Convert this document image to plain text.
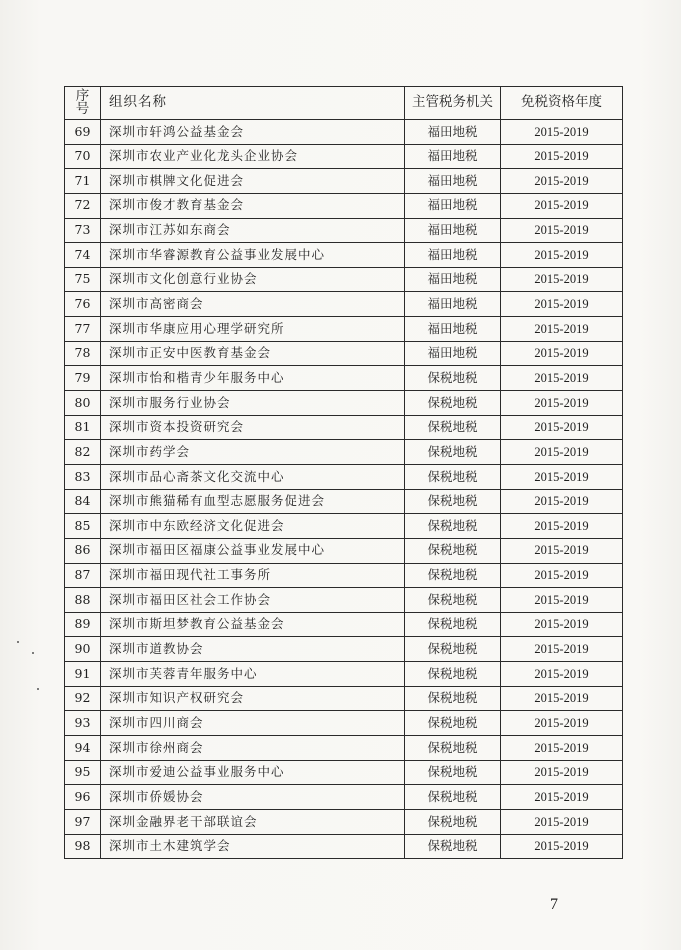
序
号	组织名称	主管税务机关	免税资格年度
69	深圳市轩鸿公益基金会	福田地税	2015-2019
70	深圳市农业产业化龙头企业协会	福田地税	2015-2019
71	深圳市棋牌文化促进会	福田地税	2015-2019
72	深圳市俊才教育基金会	福田地税	2015-2019
73	深圳市江苏如东商会	福田地税	2015-2019
74	深圳市华睿源教育公益事业发展中心	福田地税	2015-2019
75	深圳市文化创意行业协会	福田地税	2015-2019
76	深圳市高密商会	福田地税	2015-2019
77	深圳市华康应用心理学研究所	福田地税	2015-2019
78	深圳市正安中医教育基金会	福田地税	2015-2019
79	深圳市怡和楷青少年服务中心	保税地税	2015-2019
80	深圳市服务行业协会	保税地税	2015-2019
81	深圳市资本投资研究会	保税地税	2015-2019
82	深圳市药学会	保税地税	2015-2019
83	深圳市品心斋茶文化交流中心	保税地税	2015-2019
84	深圳市熊猫稀有血型志愿服务促进会	保税地税	2015-2019
85	深圳市中东欧经济文化促进会	保税地税	2015-2019
86	深圳市福田区福康公益事业发展中心	保税地税	2015-2019
87	深圳市福田现代社工事务所	保税地税	2015-2019
88	深圳市福田区社会工作协会	保税地税	2015-2019
89	深圳市斯坦梦教育公益基金会	保税地税	2015-2019
90	深圳市道教协会	保税地税	2015-2019
91	深圳市芙蓉青年服务中心	保税地税	2015-2019
92	深圳市知识产权研究会	保税地税	2015-2019
93	深圳市四川商会	保税地税	2015-2019
94	深圳市徐州商会	保税地税	2015-2019
95	深圳市爱迪公益事业服务中心	保税地税	2015-2019
96	深圳市侨媛协会	保税地税	2015-2019
97	深圳金融界老干部联谊会	保税地税	2015-2019
98	深圳市土木建筑学会	保税地税	2015-2019
7
